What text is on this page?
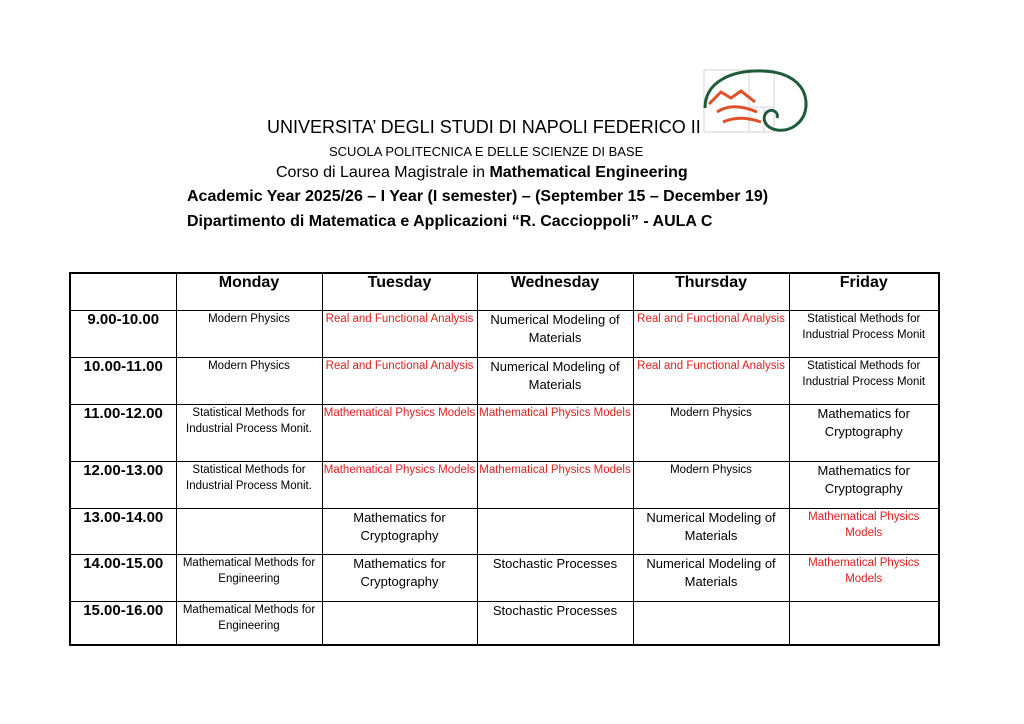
UNIVERSITA’ DEGLI STUDI DI NAPOLI FEDERICO II
SCUOLA POLITECNICA E DELLE SCIENZE DI BASE
Corso di Laurea Magistrale in Mathematical Engineering
Academic Year 2025/26 – I Year (I semester) – (September 15 – December 19)
Dipartimento di Matematica e Applicazioni “R. Caccioppoli” - AULA C
	Monday	Tuesday	Wednesday	Thursday	Friday
9.00-10.00	Modern Physics	Real and Functional Analysis	Numerical Modeling of Materials	Real and Functional Analysis	Statistical Methods for Industrial Process Monit
10.00-11.00	Modern Physics	Real and Functional Analysis	Numerical Modeling of Materials	Real and Functional Analysis	Statistical Methods for Industrial Process Monit
11.00-12.00	Statistical Methods for Industrial Process Monit.	Mathematical Physics Models	Mathematical Physics Models	Modern Physics	Mathematics for Cryptography
12.00-13.00	Statistical Methods for Industrial Process Monit.	Mathematical Physics Models	Mathematical Physics Models	Modern Physics	Mathematics for Cryptography
13.00-14.00		Mathematics for Cryptography		Numerical Modeling of Materials	Mathematical Physics Models
14.00-15.00	Mathematical Methods for Engineering	Mathematics for Cryptography	Stochastic Processes	Numerical Modeling of Materials	Mathematical Physics Models
15.00-16.00	Mathematical Methods for Engineering		Stochastic Processes		
